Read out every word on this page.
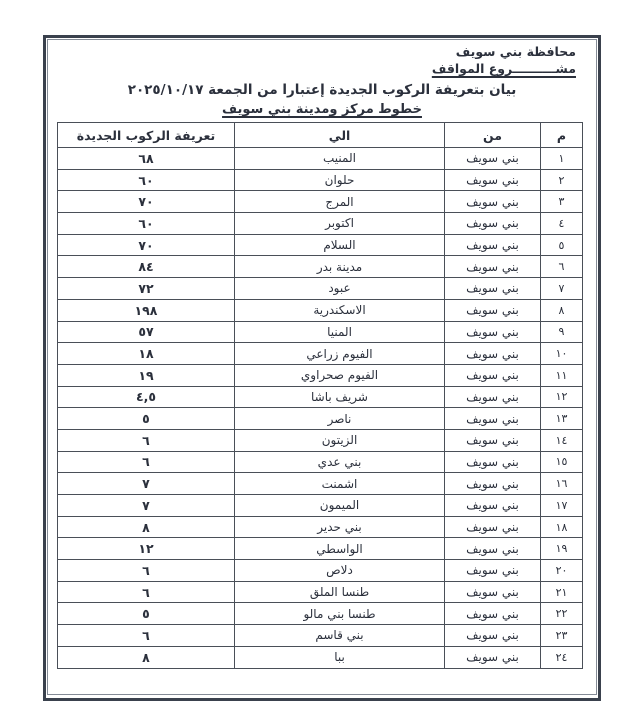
محافظة بني سويف
مشــــــــــروع المواقف
بيان بتعريفة الركوب الجديدة إعتبارا من الجمعة ٢٠٢٥/١٠/١٧
خطوط مركز ومدينة بني سويف
م	من	الي	تعريفة الركوب الجديدة
١	بني سويف	المنيب	٦٨
٢	بني سويف	حلوان	٦٠
٣	بني سويف	المرج	٧٠
٤	بني سويف	اكتوبر	٦٠
٥	بني سويف	السلام	٧٠
٦	بني سويف	مدينة بدر	٨٤
٧	بني سويف	عبود	٧٢
٨	بني سويف	الاسكندرية	١٩٨
٩	بني سويف	المنيا	٥٧
١٠	بني سويف	الفيوم زراعي	١٨
١١	بني سويف	الفيوم صحراوي	١٩
١٢	بني سويف	شريف باشا	٤,٥
١٣	بني سويف	ناصر	٥
١٤	بني سويف	الزيتون	٦
١٥	بني سويف	بني عدي	٦
١٦	بني سويف	اشمنت	٧
١٧	بني سويف	الميمون	٧
١٨	بني سويف	بني حدير	٨
١٩	بني سويف	الواسطي	١٢
٢٠	بني سويف	دلاص	٦
٢١	بني سويف	طنسا الملق	٦
٢٢	بني سويف	طنسا بني مالو	٥
٢٣	بني سويف	بني قاسم	٦
٢٤	بني سويف	ببا	٨
